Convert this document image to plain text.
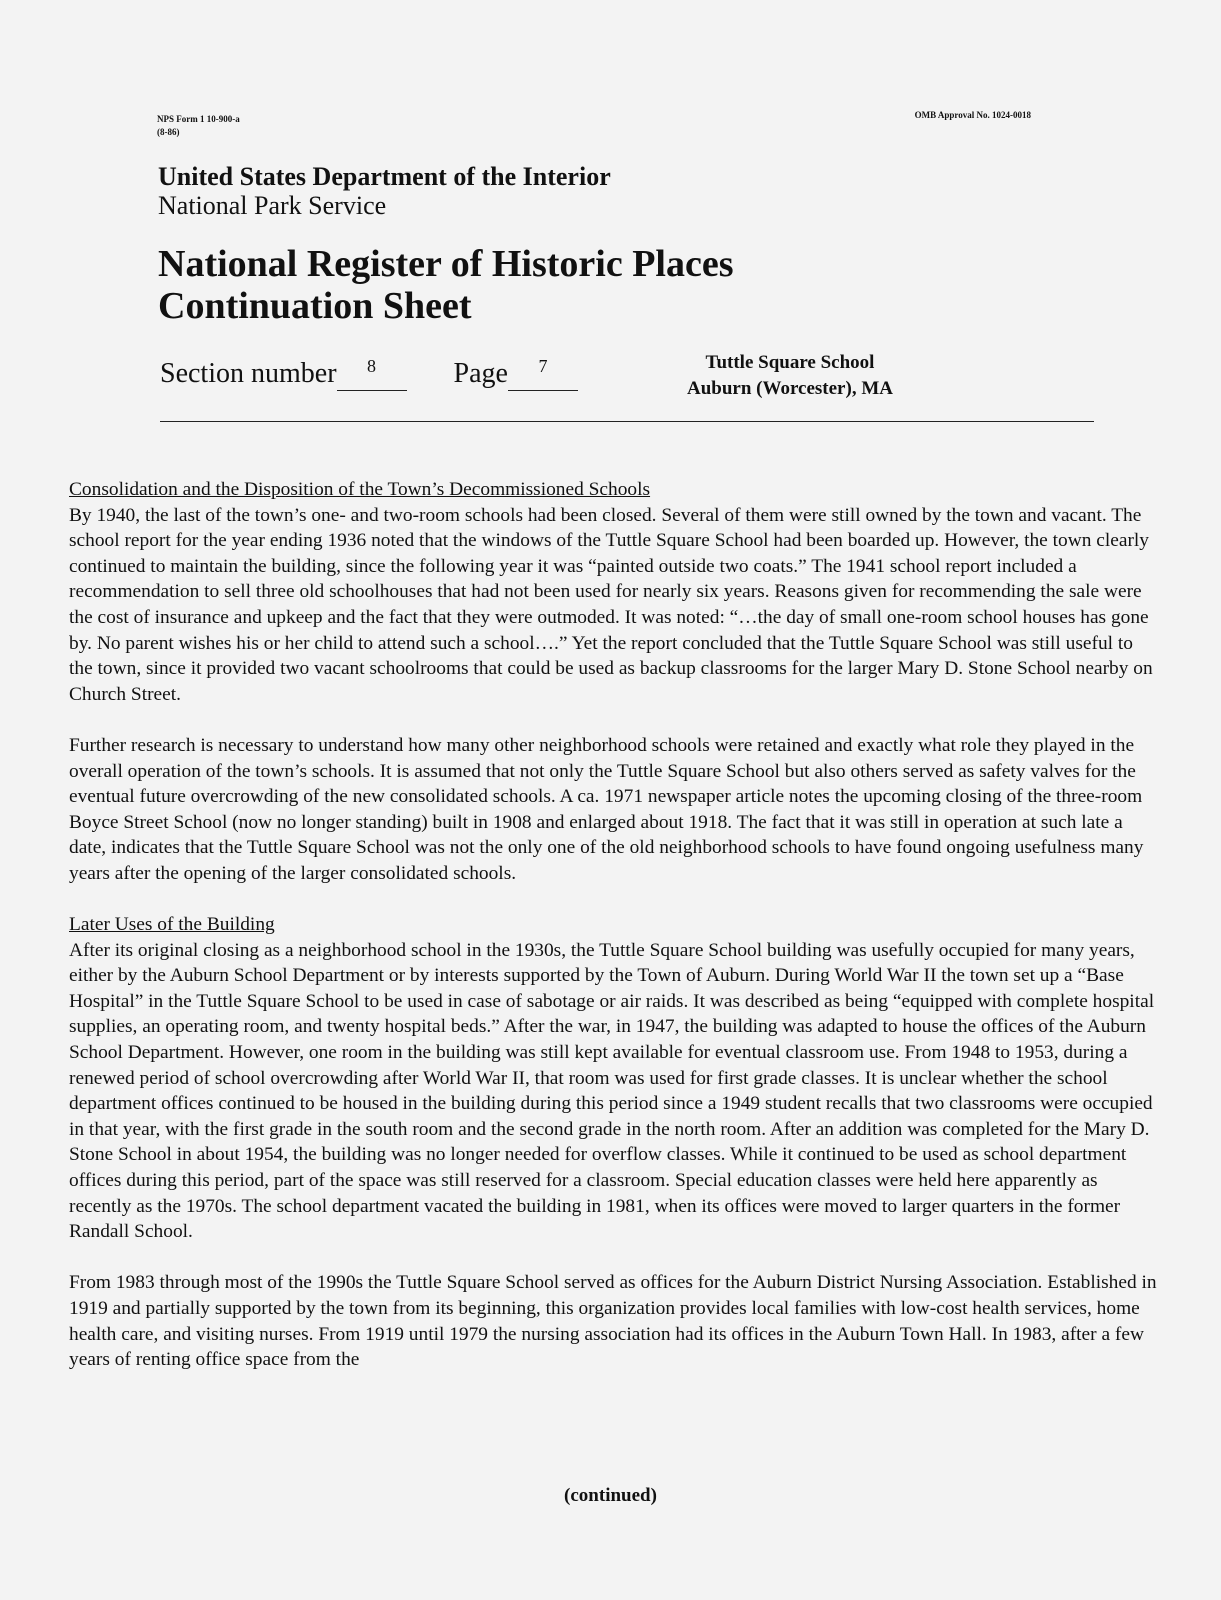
NPS Form 1 10-900-a
(8-86)
OMB Approval No. 1024-0018
United States Department of the Interior
National Park Service
National Register of Historic Places
Continuation Sheet
Section number $^8$	Page $^7$	Tuttle Square School
Auburn (Worcester), MA

Consolidation and the Disposition of the Town’s Decommissioned Schools
By 1940, the last of the town’s one- and two-room schools had been closed. Several of them were still owned by the town and vacant. The school report for the year ending 1936 noted that the windows of the Tuttle Square School had been boarded up. However, the town clearly continued to maintain the building, since the following year it was “painted outside two coats.” The 1941 school report included a recommendation to sell three old schoolhouses that had not been used for nearly six years. Reasons given for recommending the sale were the cost of insurance and upkeep and the fact that they were outmoded. It was noted: “…the day of small one-room school houses has gone by. No parent wishes his or her child to attend such a school….” Yet the report concluded that the Tuttle Square School was still useful to the town, since it provided two vacant schoolrooms that could be used as backup classrooms for the larger Mary D. Stone School nearby on Church Street.

Further research is necessary to understand how many other neighborhood schools were retained and exactly what role they played in the overall operation of the town’s schools. It is assumed that not only the Tuttle Square School but also others served as safety valves for the eventual future overcrowding of the new consolidated schools. A ca. 1971 newspaper article notes the upcoming closing of the three-room Boyce Street School (now no longer standing) built in 1908 and enlarged about 1918. The fact that it was still in operation at such late a date, indicates that the Tuttle Square School was not the only one of the old neighborhood schools to have found ongoing usefulness many years after the opening of the larger consolidated schools.

Later Uses of the Building
After its original closing as a neighborhood school in the 1930s, the Tuttle Square School building was usefully occupied for many years, either by the Auburn School Department or by interests supported by the Town of Auburn. During World War II the town set up a “Base Hospital” in the Tuttle Square School to be used in case of sabotage or air raids. It was described as being “equipped with complete hospital supplies, an operating room, and twenty hospital beds.” After the war, in 1947, the building was adapted to house the offices of the Auburn School Department. However, one room in the building was still kept available for eventual classroom use. From 1948 to 1953, during a renewed period of school overcrowding after World War II, that room was used for first grade classes. It is unclear whether the school department offices continued to be housed in the building during this period since a 1949 student recalls that two classrooms were occupied in that year, with the first grade in the south room and the second grade in the north room. After an addition was completed for the Mary D. Stone School in about 1954, the building was no longer needed for overflow classes. While it continued to be used as school department offices during this period, part of the space was still reserved for a classroom. Special education classes were held here apparently as recently as the 1970s. The school department vacated the building in 1981, when its offices were moved to larger quarters in the former Randall School.

From 1983 through most of the 1990s the Tuttle Square School served as offices for the Auburn District Nursing Association. Established in 1919 and partially supported by the town from its beginning, this organization provides local families with low-cost health services, home health care, and visiting nurses. From 1919 until 1979 the nursing association had its offices in the Auburn Town Hall. In 1983, after a few years of renting office space from the

(continued)
